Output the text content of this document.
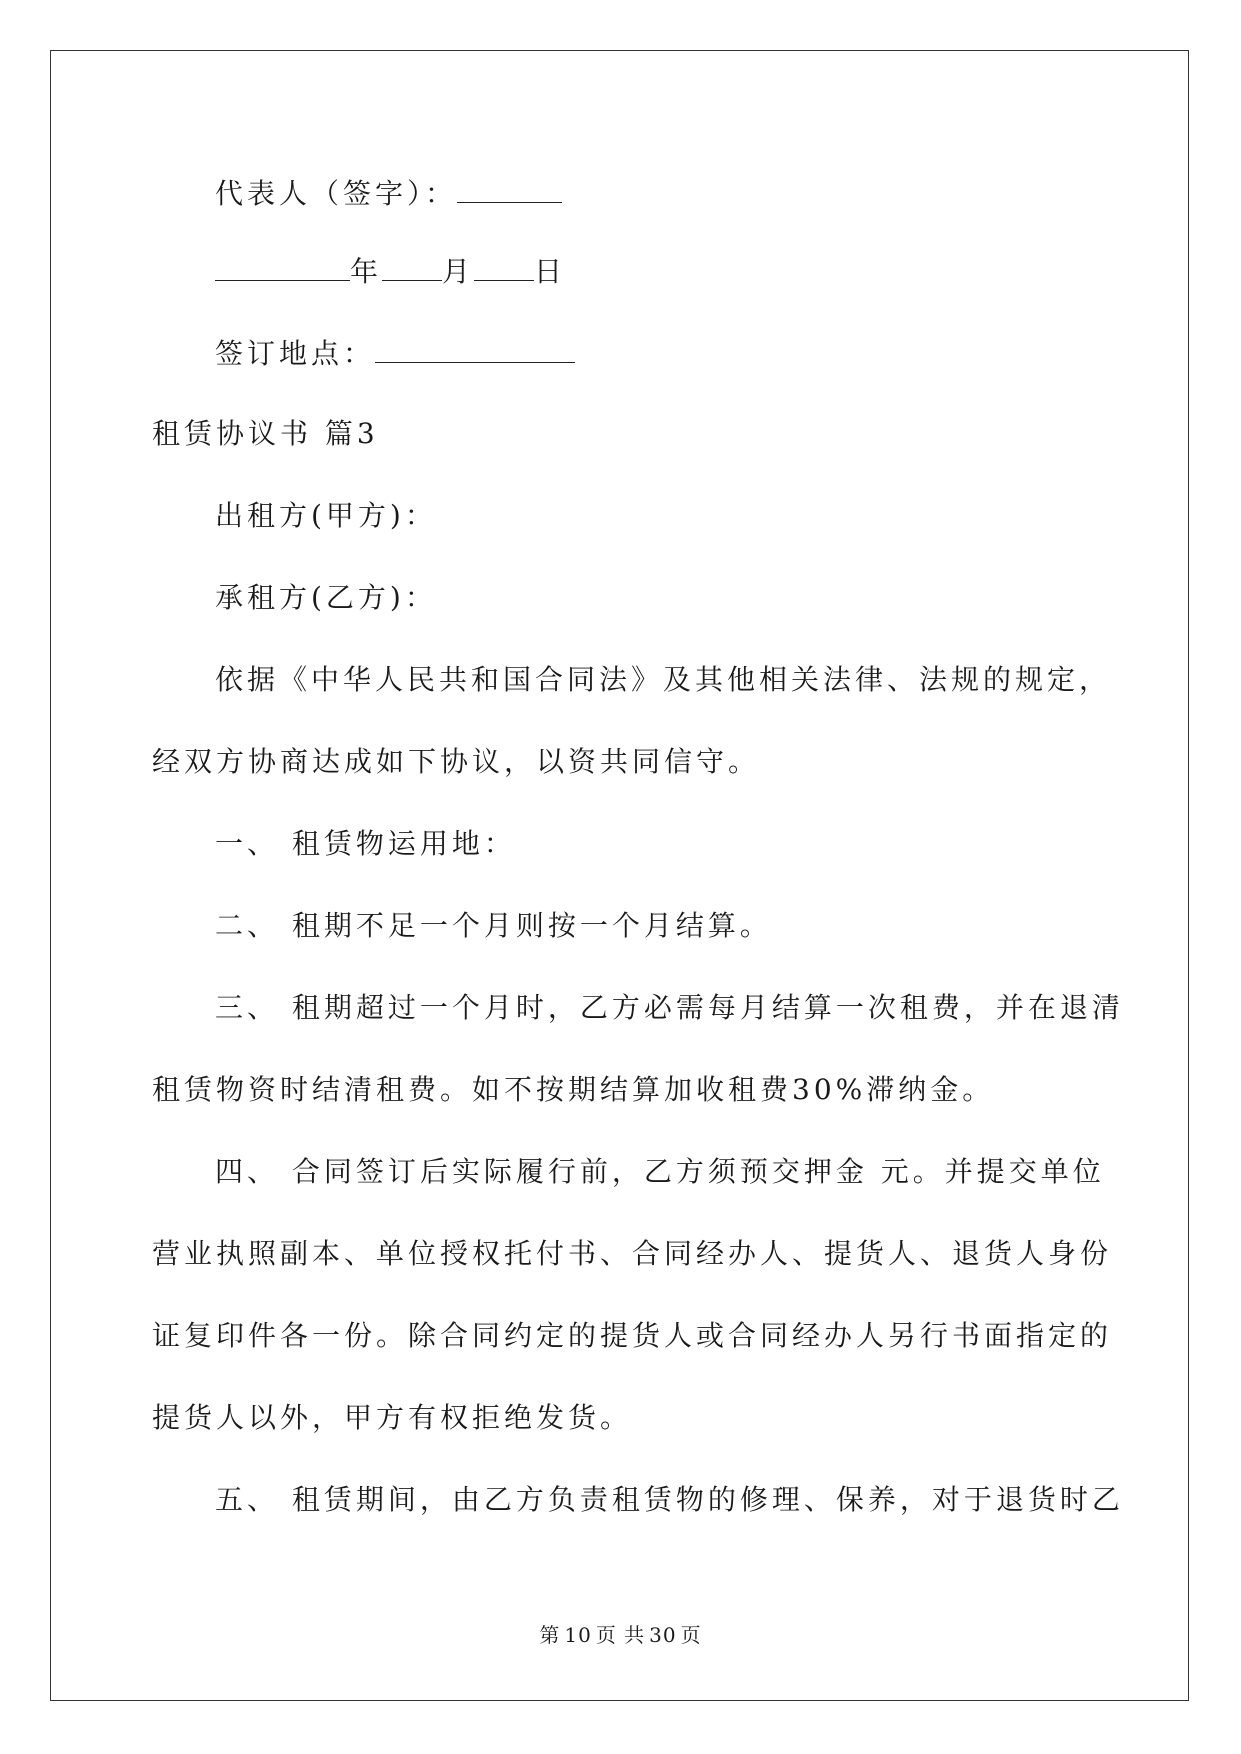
代表人（签字）：
年 月 日
签订地点：
租赁协议书 篇3
出租方(甲方)：
承租方(乙方)：
依据《中华人民共和国合同法》及其他相关法律、法规的规定，
经双方协商达成如下协议，以资共同信守。
一、 租赁物运用地：
二、 租期不足一个月则按一个月结算。
三、 租期超过一个月时，乙方必需每月结算一次租费，并在退清
租赁物资时结清租费。如不按期结算加收租费30%滞纳金。
四、 合同签订后实际履行前，乙方须预交押金 元。并提交单位
营业执照副本、单位授权托付书、合同经办人、提货人、退货人身份
证复印件各一份。除合同约定的提货人或合同经办人另行书面指定的
提货人以外，甲方有权拒绝发货。
五、 租赁期间，由乙方负责租赁物的修理、保养，对于退货时乙
第 10 页 共 30 页
